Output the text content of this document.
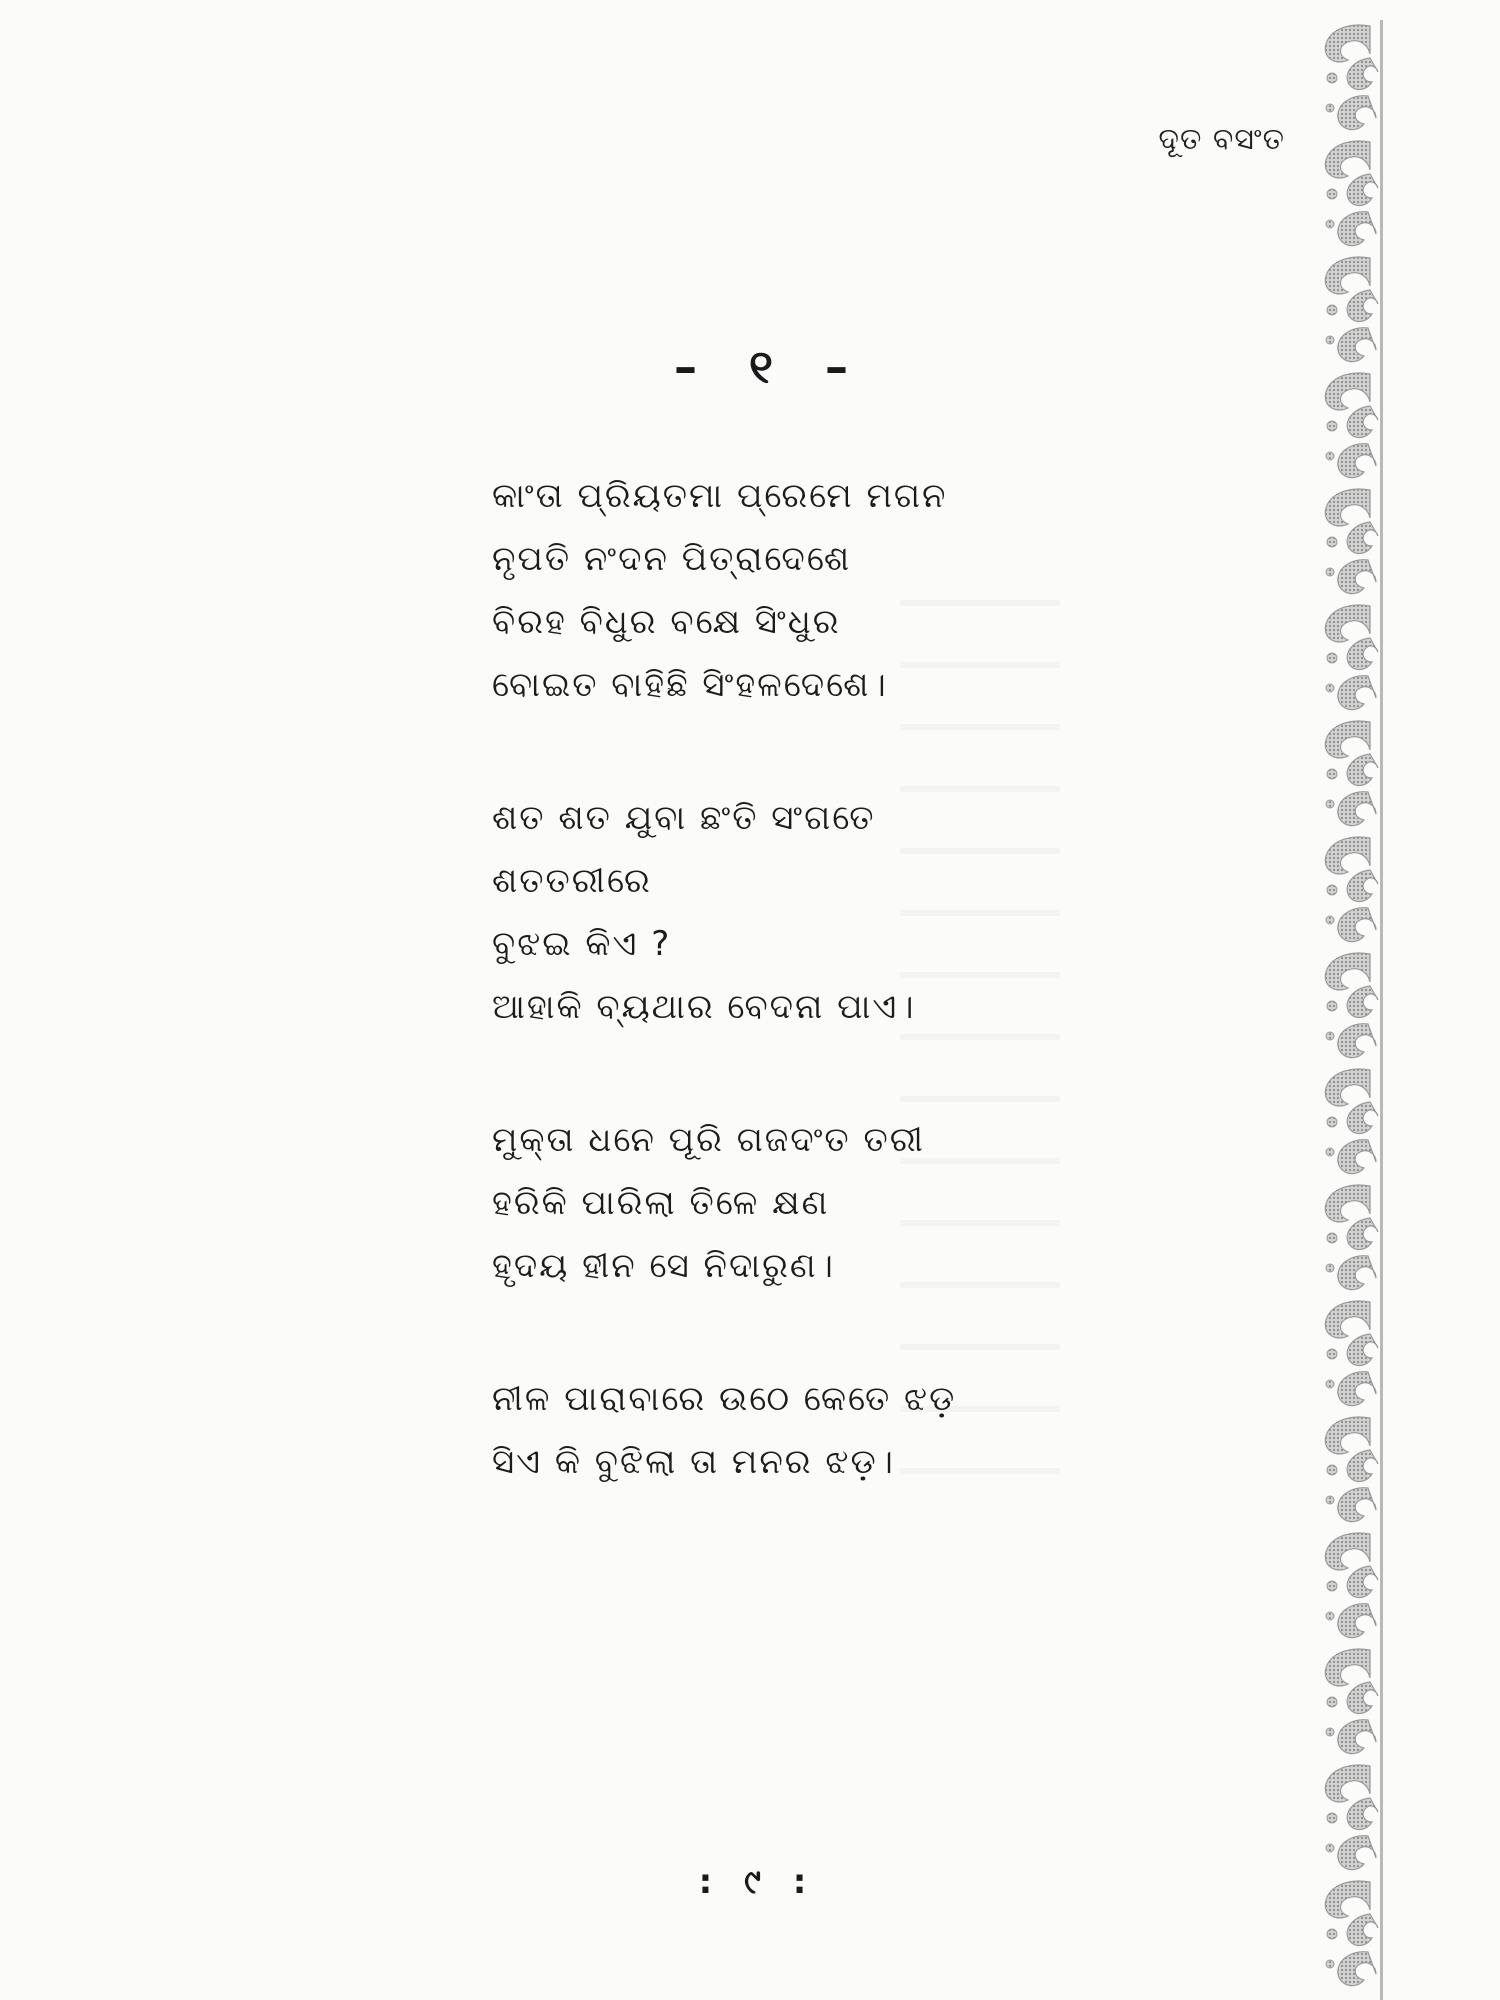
ଦୂତ ବସଂତ
– ୧ –
କାଂତା ପ୍ରିୟତମା ପ୍ରେମେ ମଗନ
ନୃପତି ନଂଦନ ପିତ୍ରାଦେଶେ
ବିରହ ବିଧୁର ବକ୍ଷେ ସିଂଧୁର
ବୋଇତ ବାହିଛି ସିଂହଳଦେଶେ।
ଶତ ଶତ ଯୁବା ଛଂତି ସଂଗତେ
ଶତତରୀରେ
ବୁଝଇ କିଏ ?
ଆହାକି ବ୍ୟଥାର ବେଦନା ପାଏ।
ମୁକ୍ତା ଧନେ ପୂରି ଗଜଦଂତ ତରୀ
ହରିକି ପାରିଲା ତିଳେ କ୍ଷଣ
ହୃଦୟ ହୀନ ସେ ନିଦାରୁଣ।
ନୀଳ ପାରାବାରେ ଉଠେ କେତେ ଝଡ଼
ସିଏ କି ବୁଝିଲା ତା ମନର ଝଡ଼।
: ୯ :
